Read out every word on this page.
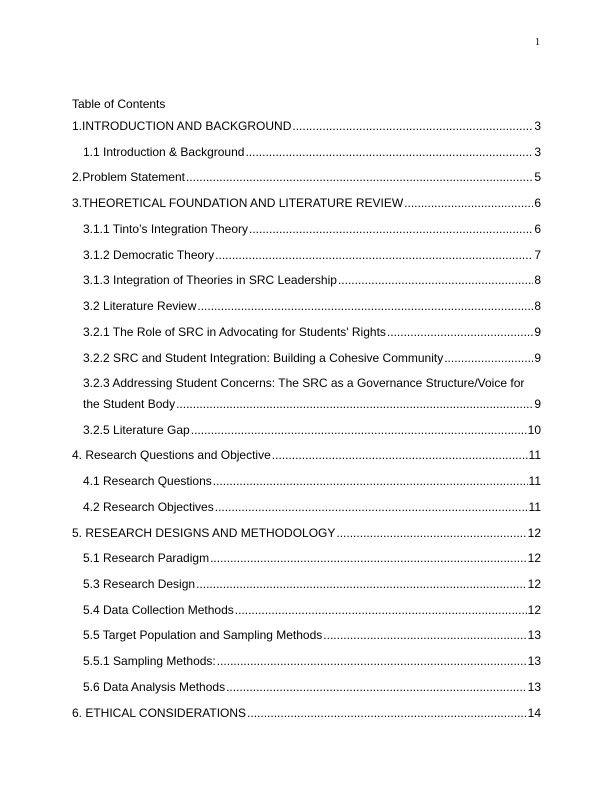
1
Table of Contents
1. INTRODUCTION AND BACKGROUND .....	3
1.1 Introduction & Background .....	3
2. Problem Statement .....	5
3. THEORETICAL FOUNDATION AND LITERATURE REVIEW .....	6
3.1.1 Tinto’s Integration Theory .....	6
3.1.2 Democratic Theory .....	7
3.1.3 Integration of Theories in SRC Leadership .....	8
3.2 Literature Review .....	8
3.2.1 The Role of SRC in Advocating for Students' Rights .....	9
3.2.2 SRC and Student Integration: Building a Cohesive Community .....	9
3.2.3 Addressing Student Concerns: The SRC as a Governance Structure/Voice for
the Student Body .....	9
3.2.5 Literature Gap .....	10
4. Research Questions and Objective .....	11
4.1 Research Questions .....	11
4.2 Research Objectives .....	11
5. RESEARCH DESIGNS AND METHODOLOGY .....	12
5.1 Research Paradigm .....	12
5.3 Research Design .....	12
5.4 Data Collection Methods .....	12
5.5 Target Population and Sampling Methods .....	13
5.5.1 Sampling Methods: .....	13
5.6 Data Analysis Methods .....	13
6. ETHICAL CONSIDERATIONS .....	14
